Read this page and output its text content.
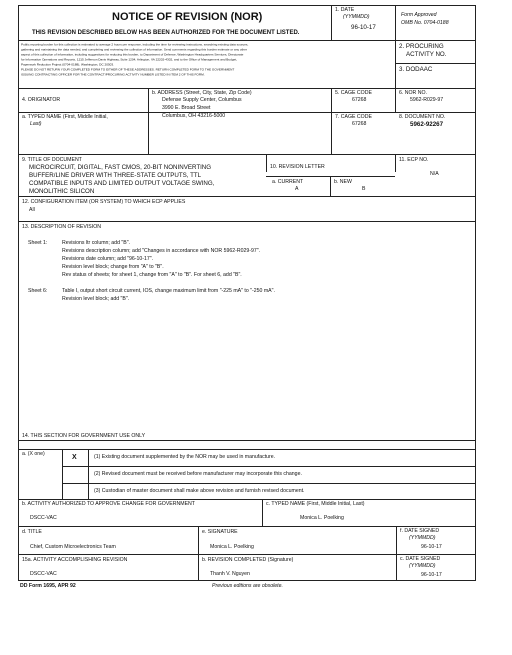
NOTICE OF REVISION (NOR)
THIS REVISION DESCRIBED BELOW HAS BEEN AUTHORIZED FOR THE DOCUMENT LISTED.
1. DATE
(YYMMDD)
96-10-17
Form Approved
OMB No. 0704-0188
Public reporting burden for this collection is estimated to average 2 hours per response, including the time for reviewing instructions, searching existing data sources,
gathering and maintaining the data needed, and completing and reviewing the collection of information. Send comments regarding this burden estimate or any other
aspect of this collection of information, including suggestions for reducing this burden, to Department of Defense, Washington Headquarters Services, Directorate
for Information Operations and Reports, 1215 Jefferson Davis Highway, Suite 1204, Arlington, VA 22202-4302, and to the Office of Management and Budget,
Paperwork Reduction Project (0704-0188), Washington, DC 20503.
PLEASE DO NOT RETURN YOUR COMPLETED FORM TO EITHER OF THESE ADDRESSES. RETURN COMPLETED FORM TO THE GOVERNMENT
ISSUING CONTRACTING OFFICER FOR THE CONTRACT/PROCURING ACTIVITY NUMBER LISTED IN ITEM 2 OF THIS FORM.
2. PROCURING
ACTIVITY NO.
3. DODAAC
4. ORIGINATOR
a. TYPED NAME (First, Middle Initial,
Last)
b. ADDRESS (Street, City, State, Zip Code)
Defense Supply Center, Columbus
3990 E. Broad Street
Columbus, OH 43216-5000
5. CAGE CODE
67268
6. NOR NO.
5962-R029-97
7. CAGE CODE
67268
8. DOCUMENT NO.
5962-92267
9. TITLE OF DOCUMENT
MICROCIRCUIT, DIGITAL, FAST CMOS, 20-BIT NONINVERTING
BUFFER/LINE DRIVER WITH THREE-STATE OUTPUTS, TTL
COMPATIBLE INPUTS AND LIMITED OUTPUT VOLTAGE SWING,
MONOLITHIC SILICON
10. REVISION LETTER
a. CURRENT
A
b. NEW
B
11. ECP NO.
N/A
12. CONFIGURATION ITEM (OR SYSTEM) TO WHICH ECP APPLIES
All
13. DESCRIPTION OF REVISION
Sheet 1:	Revisions ltr column; add "B".
Revisions description column; add "Changes in accordance with NOR 5962-R029-97".
Revisions date column; add "96-10-17".
Revision level block; change from "A" to "B".
Rev status of sheets; for sheet 1, change from "A" to "B". For sheet 6, add "B".
Sheet 6:	Table I, output short circuit current, IOS, change maximum limit from "-225 mA" to "-250 mA".
Revision level block; add "B".
14. THIS SECTION FOR GOVERNMENT USE ONLY
a. (X one)	X	(1) Existing document supplemented by the NOR may be used in manufacture.
(2) Revised document must be received before manufacturer may incorporate this change.
(3) Custodian of master document shall make above revision and furnish revised document.
b. ACTIVITY AUTHORIZED TO APPROVE CHANGE FOR GOVERNMENT
DSCC-VAC
c. TYPED NAME (First, Middle Initial, Last)
Monica L. Poelking
d. TITLE
Chief, Custom Microelectronics Team
e. SIGNATURE
Monica L. Poelking
f. DATE SIGNED
(YYMMDD)
96-10-17
15a. ACTIVITY ACCOMPLISHING REVISION
DSCC-VAC
b. REVISION COMPLETED (Signature)
Thanh V. Nguyen
c. DATE SIGNED
(YYMMDD)
96-10-17
DD Form 1695, APR 92	Previous editions are obsolete.
